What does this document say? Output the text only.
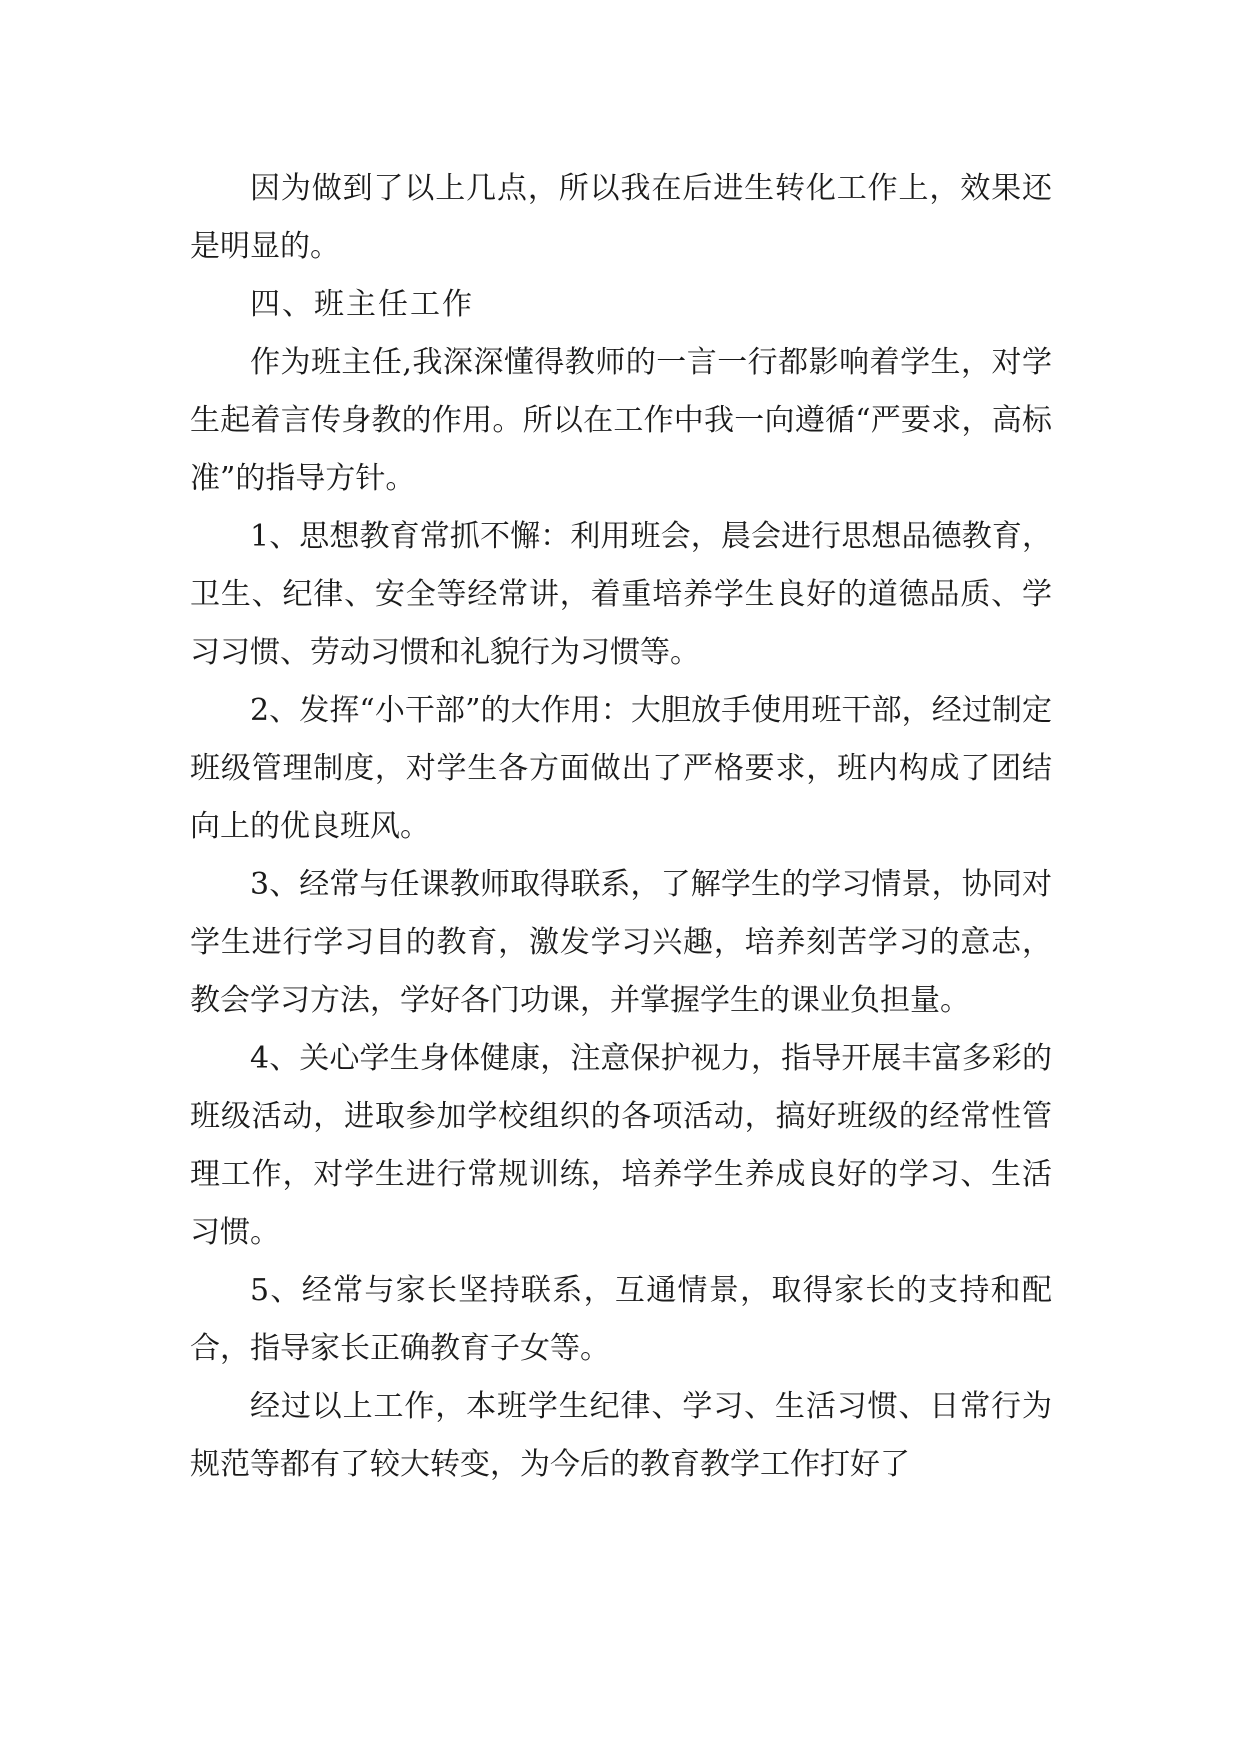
因为做到了以上几点，所以我在后进生转化工作上，效果还是明显的。

四、班主任工作

作为班主任,我深深懂得教师的一言一行都影响着学生，对学生起着言传身教的作用。所以在工作中我一向遵循“严要求，高标准”的指导方针。

1、思想教育常抓不懈：利用班会，晨会进行思想品德教育，卫生、纪律、安全等经常讲，着重培养学生良好的道德品质、学习习惯、劳动习惯和礼貌行为习惯等。

2、发挥“小干部”的大作用：大胆放手使用班干部，经过制定班级管理制度，对学生各方面做出了严格要求，班内构成了团结向上的优良班风。

3、经常与任课教师取得联系，了解学生的学习情景，协同对学生进行学习目的教育，激发学习兴趣，培养刻苦学习的意志，教会学习方法，学好各门功课，并掌握学生的课业负担量。

4、关心学生身体健康，注意保护视力，指导开展丰富多彩的班级活动，进取参加学校组织的各项活动，搞好班级的经常性管理工作，对学生进行常规训练，培养学生养成良好的学习、生活习惯。

5、经常与家长坚持联系，互通情景，取得家长的支持和配合，指导家长正确教育子女等。

经过以上工作，本班学生纪律、学习、生活习惯、日常行为规范等都有了较大转变，为今后的教育教学工作打好了
